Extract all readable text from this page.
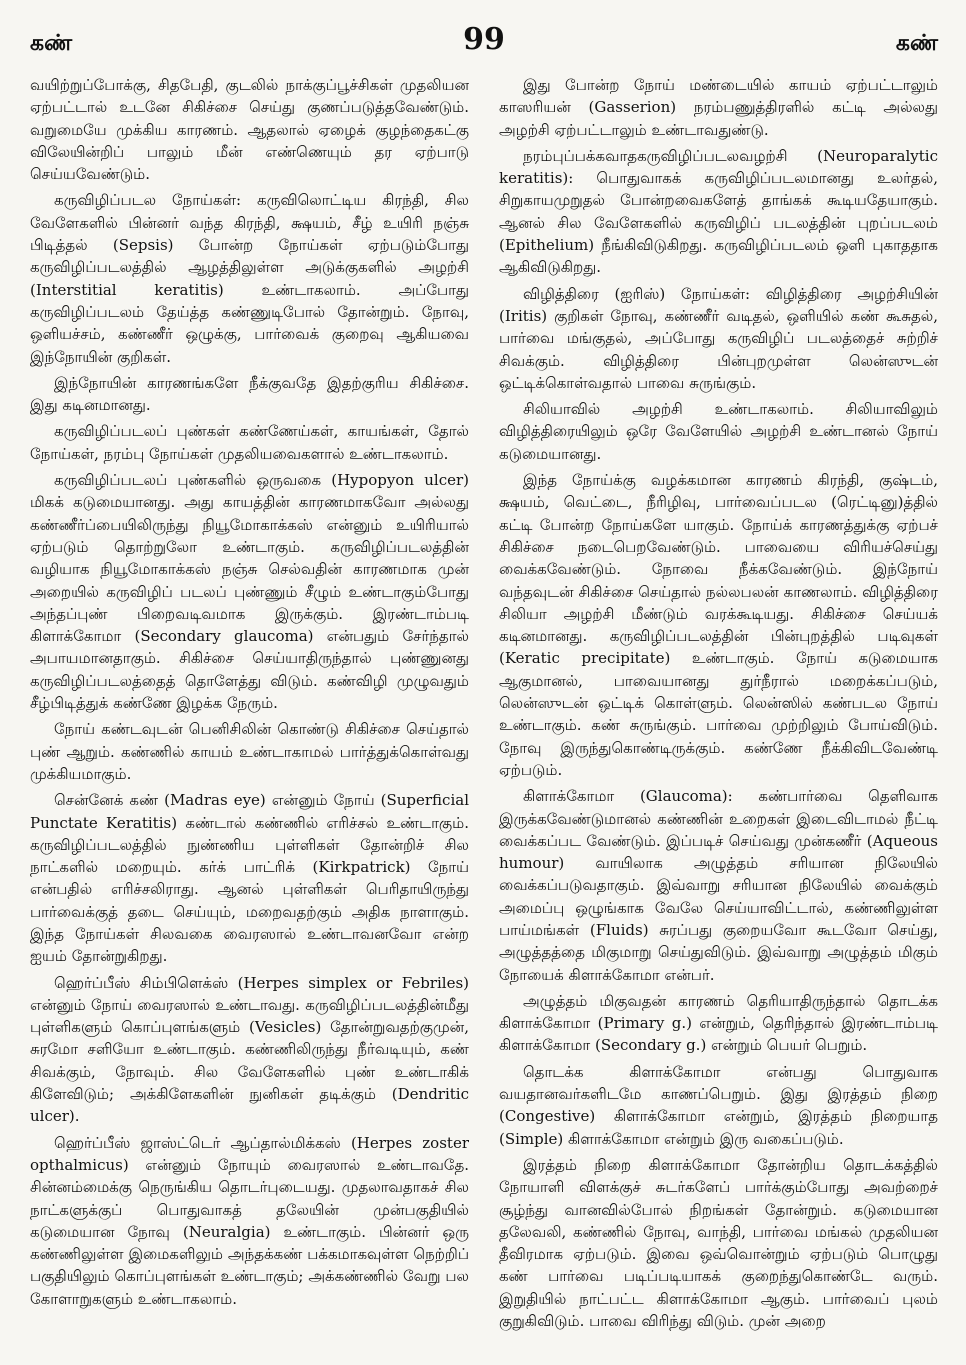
கண்	99	கண்

வயிற்றுப்போக்கு, சிதபேதி, குடலில் நாக்குப்பூச்சிகள் முதலியன ஏற்பட்டால் உடனே சிகிச்சை செய்து குணப்படுத்தவேண்டும். வறுமையே முக்கிய காரணம். ஆதலால் ஏழைக் குழந்தைகட்கு விலேயின்றிப் பாலும் மீன் எண்ணெயும் தர ஏற்பாடு செய்யவேண்டும்.

கருவிழிப்படல நோய்கள்: கருவிலொட்டிய கிரந்தி, சில வேளேகளில் பின்னர் வந்த கிரந்தி, க்ஷயம், சீழ் உயிரி நஞ்சு பிடித்தல் (Sepsis) போன்ற நோய்கள் ஏற்படும்போது கருவிழிப்படலத்தில் ஆழத்திலுள்ள அடுக்குகளில் அழற்சி (Interstitial keratitis) உண்டாகலாம். அப்போது கருவிழிப்படலம் தேய்த்த கண்ணுடிபோல் தோன்றும். நோவு, ஒளியச்சம், கண்ணீர் ஒழுக்கு, பார்வைக் குறைவு ஆகியவை இந்நோயின் குறிகள்.

இந்நோயின் காரணங்களே நீக்குவதே இதற்குரிய சிகிச்சை. இது கடினமானது.

கருவிழிப்படலப் புண்கள் கண்ணேய்கள், காயங்கள், தோல் நோய்கள், நரம்பு நோய்கள் முதலியவைகளால் உண்டாகலாம்.

கருவிழிப்படலப் புண்களில் ஒருவகை (Hypopyon ulcer) மிகக் கடுமையானது. அது காயத்தின் காரணமாகவோ அல்லது கண்ணீர்ப்பையிலிருந்து நியூமோகாக்கஸ் என்னும் உயிரியால் ஏற்படும் தொற்றுலோ உண்டாகும். கருவிழிப்படலத்தின் வழியாக நியூமோகாக்கஸ் நஞ்சு செல்வதின் காரணமாக முன் அறையில் கருவிழிப் படலப் புண்ணும் சீழும் உண்டாகும்போது அந்தப்புண் பிறைவடிவமாக இருக்கும். இரண்டாம்படி கிளாக்கோமா (Secondary glaucoma) என்பதும் சேர்ந்தால் அபாயமானதாகும். சிகிச்சை செய்யாதிருந்தால் புண்ணுனது கருவிழிப்படலத்தைத் தொளேத்து விடும். கண்விழி முழுவதும் சீழ்பிடித்துக் கண்ணே இழக்க நேரும்.

நோய் கண்டவுடன் பெனிசிலின் கொண்டு சிகிச்சை செய்தால் புண் ஆறும். கண்ணில் காயம் உண்டாகாமல் பார்த்துக்கொள்வது முக்கியமாகும்.

சென்னேக் கண் (Madras eye) என்னும் நோய் (Superficial Punctate Keratitis) கண்டால் கண்ணில் எரிச்சல் உண்டாகும். கருவிழிப்படலத்தில் நுண்ணிய புள்ளிகள் தோன்றிச் சில நாட்களில் மறையும். கர்க் பாட்ரிக் (Kirkpatrick) நோய் என்பதில் எரிச்சலிராது. ஆனல் புள்ளிகள் பெரிதாயிருந்து பார்வைக்குத் தடை செய்யும், மறைவதற்கும் அதிக நாளாகும். இந்த நோய்கள் சிலவகை வைரஸால் உண்டாவனவோ என்ற ஐயம் தோன்றுகிறது.

ஹெர்ப்பீஸ் சிம்பிளெக்ஸ் (Herpes simplex or Febriles) என்னும் நோய் வைரஸால் உண்டாவது. கருவிழிப்படலத்தின்மீது புள்ளிகளும் கொப்புளங்களும் (Vesicles) தோன்றுவதற்குமுன், சுரமோ சளியோ உண்டாகும். கண்ணிலிருந்து நீர்வடியும், கண் சிவக்கும், நோவும். சில வேளேகளில் புண் உண்டாகிக் கிளேவிடும்; அக்கிளேகளின் நுனிகள் தடிக்கும் (Dendritic ulcer).

ஹெர்ப்பீஸ் ஜாஸ்ட்டெர் ஆப்தால்மிக்கஸ் (Herpes zoster opthalmicus) என்னும் நோயும் வைரஸால் உண்டாவதே. சின்னம்மைக்கு நெருங்கிய தொடர்புடையது. முதலாவதாகச் சில நாட்களுக்குப் பொதுவாகத் தலேயின் முன்பகுதியில் கடுமையான நோவு (Neuralgia) உண்டாகும். பின்னர் ஒரு கண்ணிலுள்ள இமைகளிலும் அந்தக்கண் பக்கமாகவுள்ள நெற்றிப் பகுதியிலும் கொப்புளங்கள் உண்டாகும்; அக்கண்ணில் வேறு பல கோளாறுகளும் உண்டாகலாம்.

இது போன்ற நோய் மண்டையில் காயம் ஏற்பட்டாலும் காஸரியன் (Gasserion) நரம்பணுத்திரளில் கட்டி அல்லது அழற்சி ஏற்பட்டாலும் உண்டாவதுண்டு.

நரம்புப்பக்கவாதகருவிழிப்படலவழற்சி (Neuroparalytic keratitis): பொதுவாகக் கருவிழிப்படலமானது உலர்தல், சிறுகாயமுறுதல் போன்றவைகளேத் தாங்கக் கூடியதேயாகும். ஆனல் சில வேளேகளில் கருவிழிப் படலத்தின் புறப்படலம் (Epithelium) நீங்கிவிடுகிறது. கருவிழிப்படலம் ஒளி புகாததாக ஆகிவிடுகிறது.

விழித்திரை (ஐரிஸ்) நோய்கள்: விழித்திரை அழற்சியின் (Iritis) குறிகள் நோவு, கண்ணீர் வடிதல், ஒளியில் கண் கூசுதல், பார்வை மங்குதல், அப்போது கருவிழிப் படலத்தைச் சுற்றிச் சிவக்கும். விழித்திரை பின்புறமுள்ள லென்ஸுடன் ஒட்டிக்கொள்வதால் பாவை சுருங்கும்.

சிலியாவில் அழற்சி உண்டாகலாம். சிலியாவிலும் விழித்திரையிலும் ஒரே வேளேயில் அழற்சி உண்டானல் நோய் கடுமையானது.

இந்த நோய்க்கு வழக்கமான காரணம் கிரந்தி, குஷ்டம், க்ஷயம், வெட்டை, நீரிழிவு, பார்வைப்படல (ரெட்டினு)த்தில் கட்டி போன்ற நோய்களே யாகும். நோய்க் காரணத்துக்கு ஏற்பச் சிகிச்சை நடைபெறவேண்டும். பாவையை விரியச்செய்து வைக்கவேண்டும். நோவை நீக்கவேண்டும். இந்நோய் வந்தவுடன் சிகிச்சை செய்தால் நல்லபலன் காணலாம். விழித்திரை சிலியா அழற்சி மீண்டும் வரக்கூடியது. சிகிச்சை செய்யக் கடினமானது. கருவிழிப்படலத்தின் பின்புறத்தில் படிவுகள் (Keratic precipitate) உண்டாகும். நோய் கடுமையாக ஆகுமானல், பாவையானது துர்நீரால் மறைக்கப்படும், லென்ஸுடன் ஒட்டிக் கொள்ளும். லென்ஸில் கண்படல நோய் உண்டாகும். கண் சுருங்கும். பார்வை முற்றிலும் போய்விடும். நோவு இருந்துகொண்டிருக்கும். கண்ணே நீக்கிவிடவேண்டி ஏற்படும்.

கிளாக்கோமா (Glaucoma): கண்பார்வை தெளிவாக இருக்கவேண்டுமானல் கண்ணின் உறைகள் இடைவிடாமல் நீட்டி வைக்கப்பட வேண்டும். இப்படிச் செய்வது முன்கணீர் (Aqueous humour) வாயிலாக அழுத்தம் சரியான நிலேயில் வைக்கப்படுவதாகும். இவ்வாறு சரியான நிலேயில் வைக்கும் அமைப்பு ஒழுங்காக வேலே செய்யாவிட்டால், கண்ணிலுள்ள பாய்மங்கள் (Fluids) சுரப்பது குறையவோ கூடவோ செய்து, அழுத்தத்தை மிகுமாறு செய்துவிடும். இவ்வாறு அழுத்தம் மிகும் நோயைக் கிளாக்கோமா என்பர்.

அழுத்தம் மிகுவதன் காரணம் தெரியாதிருந்தால் தொடக்க கிளாக்கோமா (Primary g.) என்றும், தெரிந்தால் இரண்டாம்படி கிளாக்கோமா (Secondary g.) என்றும் பெயர் பெறும்.

தொடக்க கிளாக்கோமா என்பது பொதுவாக வயதானவர்களிடமே காணப்பெறும். இது இரத்தம் நிறை (Congestive) கிளாக்கோமா என்றும், இரத்தம் நிறையாத (Simple) கிளாக்கோமா என்றும் இரு வகைப்படும்.

இரத்தம் நிறை கிளாக்கோமா தோன்றிய தொடக்கத்தில் நோயாளி விளக்குச் சுடர்களேப் பார்க்கும்போது அவற்றைச் சூழ்ந்து வானவில்போல் நிறங்கள் தோன்றும். கடுமையான தலேவலி, கண்ணில் நோவு, வாந்தி, பார்வை மங்கல் முதலியன தீவிரமாக ஏற்படும். இவை ஒவ்வொன்றும் ஏற்படும் பொழுது கண் பார்வை படிப்படியாகக் குறைந்துகொண்டே வரும். இறுதியில் நாட்பட்ட கிளாக்கோமா ஆகும். பார்வைப் புலம் குறுகிவிடும். பாவை விரிந்து விடும். முன் அறை
